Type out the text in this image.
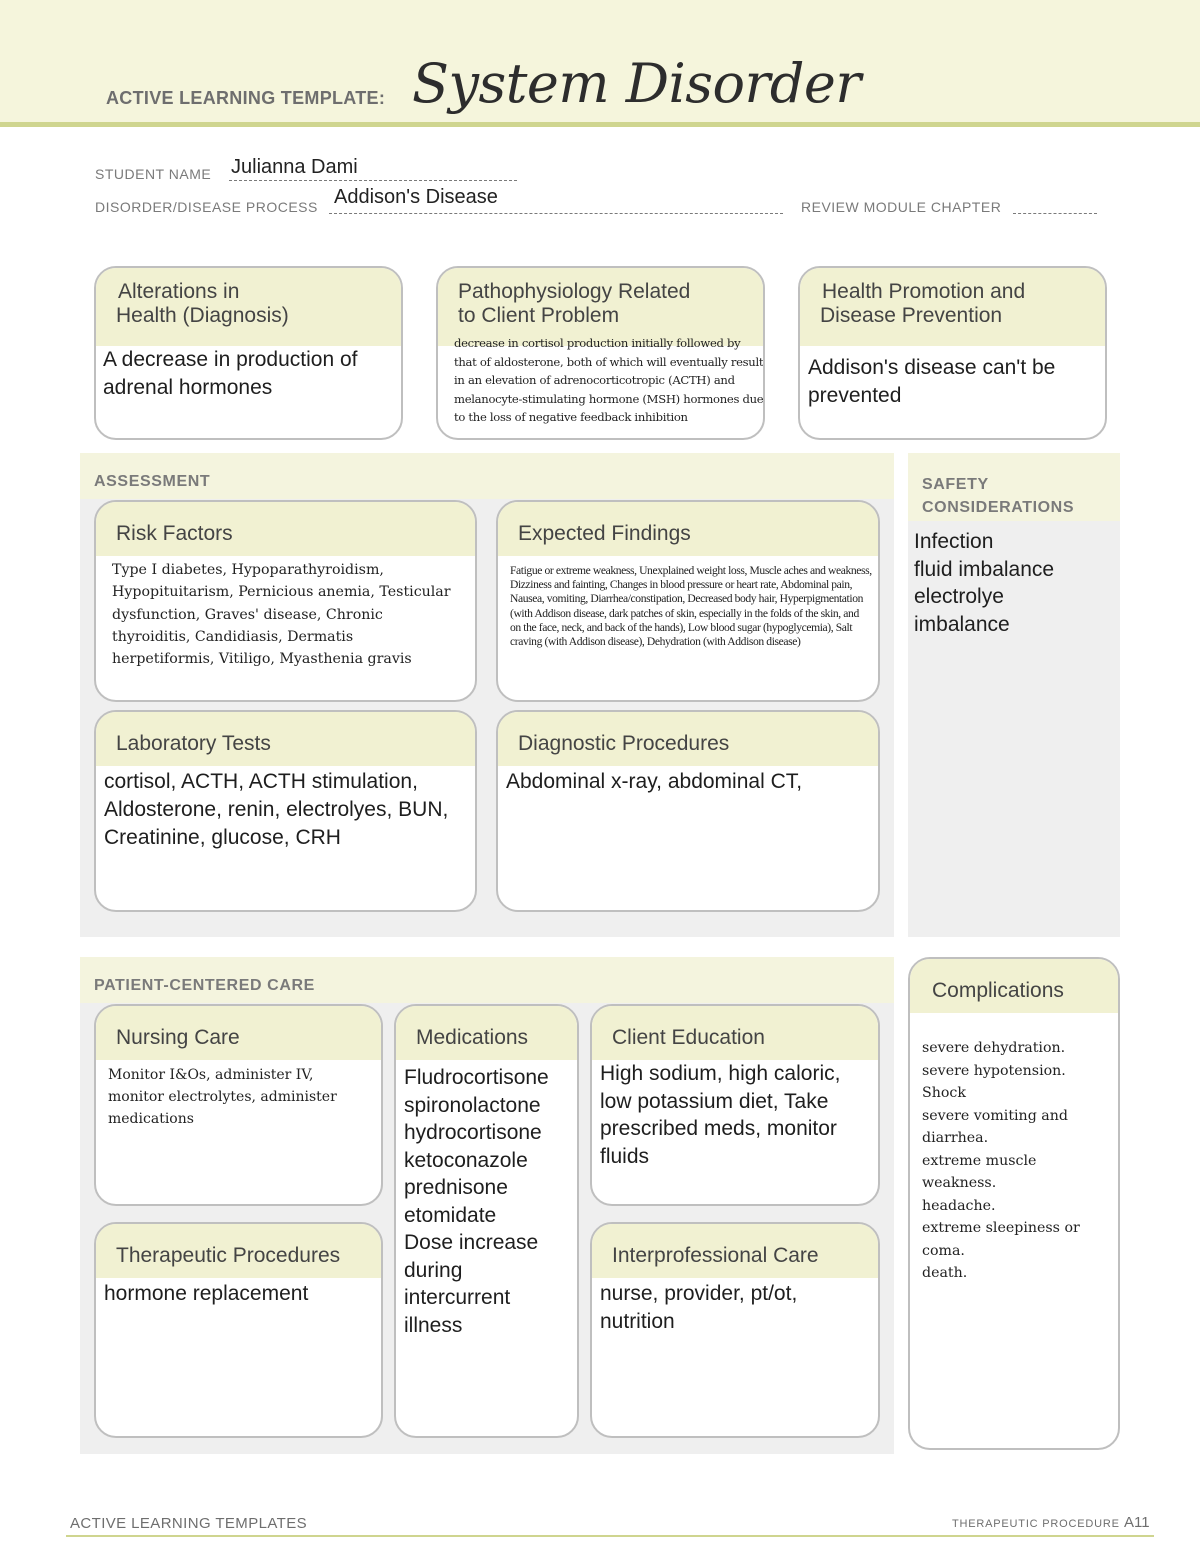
ACTIVE LEARNING TEMPLATE: System Disorder
STUDENT NAME Julianna Dami
DISORDER/DISEASE PROCESS Addison's Disease	REVIEW MODULE CHAPTER
Alterations in
Health (Diagnosis)
A decrease in production of adrenal hormones
Pathophysiology Related
to Client Problem
decrease in cortisol production initially followed by that of aldosterone, both of which will eventually result in an elevation of adrenocorticotropic (ACTH) and melanocyte-stimulating hormone (MSH) hormones due to the loss of negative feedback inhibition
Health Promotion and
Disease Prevention
Addison's disease can't be prevented
ASSESSMENT
Risk Factors
Type I diabetes, Hypoparathyroidism, Hypopituitarism, Pernicious anemia, Testicular dysfunction, Graves' disease, Chronic thyroiditis, Candidiasis, Dermatis herpetiformis, Vitiligo, Myasthenia gravis
Expected Findings
Fatigue or extreme weakness, Unexplained weight loss, Muscle aches and weakness, Dizziness and fainting, Changes in blood pressure or heart rate, Abdominal pain, Nausea, vomiting, Diarrhea/constipation, Decreased body hair, Hyperpigmentation (with Addison disease, dark patches of skin, especially in the folds of the skin, and on the face, neck, and back of the hands), Low blood sugar (hypoglycemia), Salt craving (with Addison disease), Dehydration (with Addison disease)
Laboratory Tests
cortisol, ACTH, ACTH stimulation, Aldosterone, renin, electrolyes, BUN, Creatinine, glucose, CRH
Diagnostic Procedures
Abdominal x-ray, abdominal CT,
SAFETY
CONSIDERATIONS
Infection
fluid imbalance
electrolye
imbalance
PATIENT-CENTERED CARE
Nursing Care
Monitor I&Os, administer IV, monitor electrolytes, administer medications
Medications
Fludrocortisone
spironolactone
hydrocortisone
ketoconazole
prednisone
etomidate
Dose increase during intercurrent illness
Client Education
High sodium, high caloric, low potassium diet, Take prescribed meds, monitor fluids
Therapeutic Procedures
hormone replacement
Interprofessional Care
nurse, provider, pt/ot, nutrition
Complications
severe dehydration.
severe hypotension.
Shock
severe vomiting and diarrhea.
extreme muscle weakness.
headache.
extreme sleepiness or coma.
death.
ACTIVE LEARNING TEMPLATES	THERAPEUTIC PROCEDURE A11
